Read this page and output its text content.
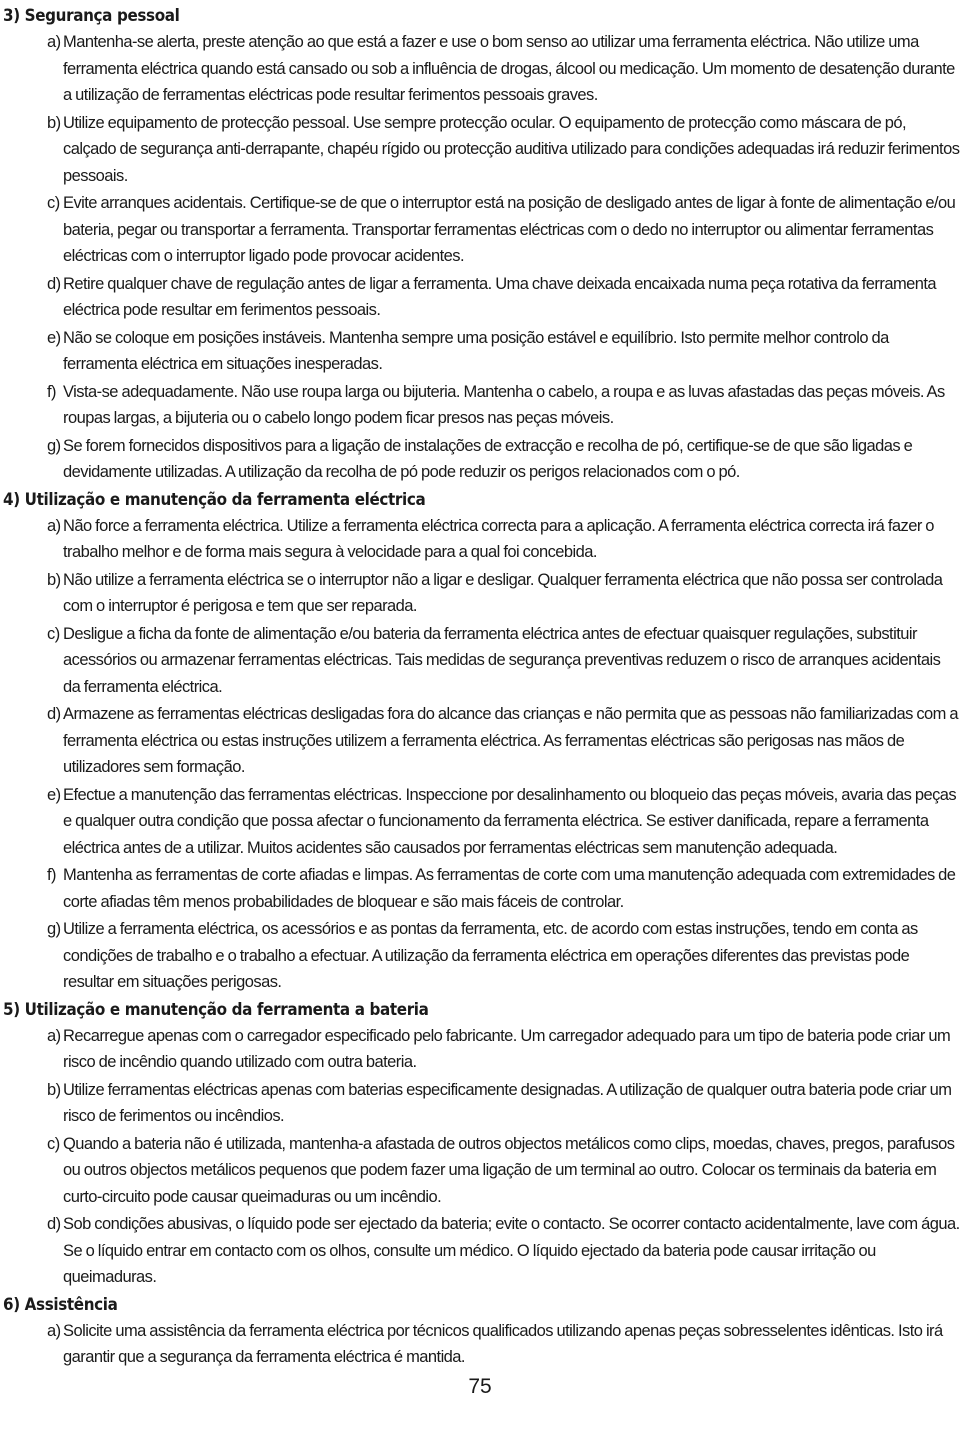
3) Segurança pessoal
a) Mantenha-se alerta, preste atenção ao que está a fazer e use o bom senso ao utilizar uma ferramenta eléctrica. Não utilize uma ferramenta eléctrica quando está cansado ou sob a influência de drogas, álcool ou medicação. Um momento de desatenção durante a utilização de ferramentas eléctricas pode resultar ferimentos pessoais graves.
b) Utilize equipamento de protecção pessoal. Use sempre protecção ocular. O equipamento de protecção como máscara de pó, calçado de segurança anti-derrapante, chapéu rígido ou protecção auditiva utilizado para condições adequadas irá reduzir ferimentos pessoais.
c) Evite arranques acidentais. Certifique-se de que o interruptor está na posição de desligado antes de ligar à fonte de alimentação e/ou bateria, pegar ou transportar a ferramenta. Transportar ferramentas eléctricas com o dedo no interruptor ou alimentar ferramentas eléctricas com o interruptor ligado pode provocar acidentes.
d) Retire qualquer chave de regulação antes de ligar a ferramenta. Uma chave deixada encaixada numa peça rotativa da ferramenta eléctrica pode resultar em ferimentos pessoais.
e) Não se coloque em posições instáveis. Mantenha sempre uma posição estável e equilíbrio. Isto permite melhor controlo da ferramenta eléctrica em situações inesperadas.
f) Vista-se adequadamente. Não use roupa larga ou bijuteria. Mantenha o cabelo, a roupa e as luvas afastadas das peças móveis. As roupas largas, a bijuteria ou o cabelo longo podem ficar presos nas peças móveis.
g) Se forem fornecidos dispositivos para a ligação de instalações de extracção e recolha de pó, certifique-se de que são ligadas e devidamente utilizadas. A utilização da recolha de pó pode reduzir os perigos relacionados com o pó.
4) Utilização e manutenção da ferramenta eléctrica
a) Não force a ferramenta eléctrica. Utilize a ferramenta eléctrica correcta para a aplicação. A ferramenta eléctrica correcta irá fazer o trabalho melhor e de forma mais segura à velocidade para a qual foi concebida.
b) Não utilize a ferramenta eléctrica se o interruptor não a ligar e desligar. Qualquer ferramenta eléctrica que não possa ser controlada com o interruptor é perigosa e tem que ser reparada.
c) Desligue a ficha da fonte de alimentação e/ou bateria da ferramenta eléctrica antes de efectuar quaisquer regulações, substituir acessórios ou armazenar ferramentas eléctricas. Tais medidas de segurança preventivas reduzem o risco de arranques acidentais da ferramenta eléctrica.
d) Armazene as ferramentas eléctricas desligadas fora do alcance das crianças e não permita que as pessoas não familiarizadas com a ferramenta eléctrica ou estas instruções utilizem a ferramenta eléctrica. As ferramentas eléctricas são perigosas nas mãos de utilizadores sem formação.
e) Efectue a manutenção das ferramentas eléctricas. Inspeccione por desalinhamento ou bloqueio das peças móveis, avaria das peças e qualquer outra condição que possa afectar o funcionamento da ferramenta eléctrica. Se estiver danificada, repare a ferramenta eléctrica antes de a utilizar. Muitos acidentes são causados por ferramentas eléctricas sem manutenção adequada.
f) Mantenha as ferramentas de corte afiadas e limpas. As ferramentas de corte com uma manutenção adequada com extremidades de corte afiadas têm menos probabilidades de bloquear e são mais fáceis de controlar.
g) Utilize a ferramenta eléctrica, os acessórios e as pontas da ferramenta, etc. de acordo com estas instruções, tendo em conta as condições de trabalho e o trabalho a efectuar. A utilização da ferramenta eléctrica em operações diferentes das previstas pode resultar em situações perigosas.
5) Utilização e manutenção da ferramenta a bateria
a) Recarregue apenas com o carregador especificado pelo fabricante. Um carregador adequado para um tipo de bateria pode criar um risco de incêndio quando utilizado com outra bateria.
b) Utilize ferramentas eléctricas apenas com baterias especificamente designadas. A utilização de qualquer outra bateria pode criar um risco de ferimentos ou incêndios.
c) Quando a bateria não é utilizada, mantenha-a afastada de outros objectos metálicos como clips, moedas, chaves, pregos, parafusos ou outros objectos metálicos pequenos que podem fazer uma ligação de um terminal ao outro. Colocar os terminais da bateria em curto-circuito pode causar queimaduras ou um incêndio.
d) Sob condições abusivas, o líquido pode ser ejectado da bateria; evite o contacto. Se ocorrer contacto acidentalmente, lave com água. Se o líquido entrar em contacto com os olhos, consulte um médico. O líquido ejectado da bateria pode causar irritação ou queimaduras.
6) Assistência
a) Solicite uma assistência da ferramenta eléctrica por técnicos qualificados utilizando apenas peças sobresselentes idênticas. Isto irá garantir que a segurança da ferramenta eléctrica é mantida.
75
